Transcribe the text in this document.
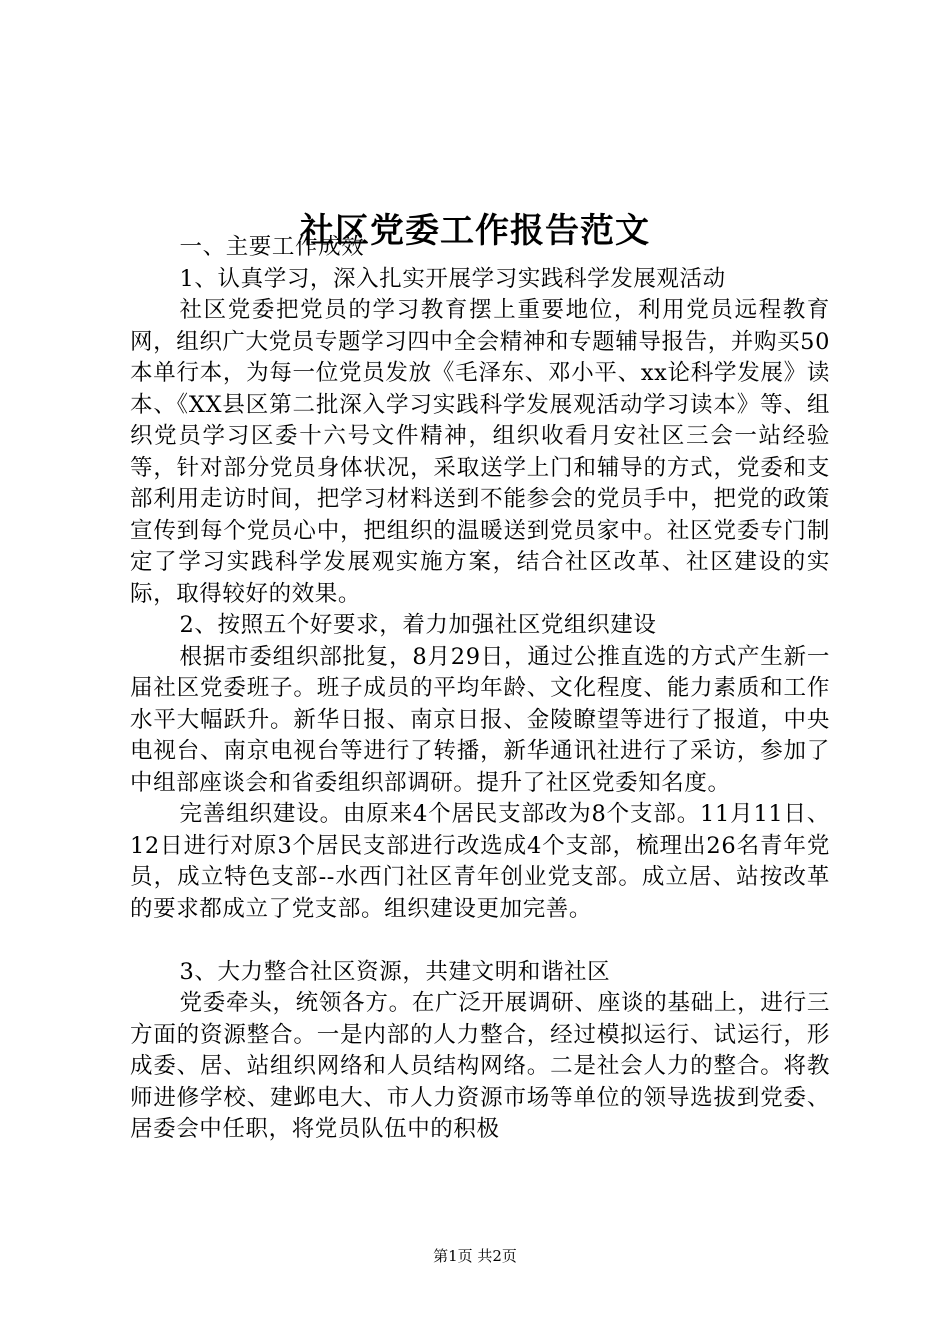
社区党委工作报告范文

一、主要工作成效

1、认真学习，深入扎实开展学习实践科学发展观活动

社区党委把党员的学习教育摆上重要地位，利用党员远程教育网，组织广大党员专题学习四中全会精神和专题辅导报告，并购买50本单行本，为每一位党员发放《毛泽东、邓小平、xx论科学发展》读本、《XX县区第二批深入学习实践科学发展观活动学习读本》等、组织党员学习区委十六号文件精神，组织收看月安社区三会一站经验等，针对部分党员身体状况，采取送学上门和辅导的方式，党委和支部利用走访时间，把学习材料送到不能参会的党员手中，把党的政策宣传到每个党员心中，把组织的温暖送到党员家中。社区党委专门制定了学习实践科学发展观实施方案，结合社区改革、社区建设的实际，取得较好的效果。

2、按照五个好要求，着力加强社区党组织建设

根据市委组织部批复，8月29日，通过公推直选的方式产生新一届社区党委班子。班子成员的平均年龄、文化程度、能力素质和工作水平大幅跃升。新华日报、南京日报、金陵瞭望等进行了报道，中央电视台、南京电视台等进行了转播，新华通讯社进行了采访，参加了中组部座谈会和省委组织部调研。提升了社区党委知名度。

完善组织建设。由原来4个居民支部改为8个支部。11月11日、12日进行对原3个居民支部进行改选成4个支部，梳理出26名青年党员，成立特色支部--水西门社区青年创业党支部。成立居、站按改革的要求都成立了党支部。组织建设更加完善。

3、大力整合社区资源，共建文明和谐社区

党委牵头，统领各方。在广泛开展调研、座谈的基础上，进行三方面的资源整合。一是内部的人力整合，经过模拟运行、试运行，形成委、居、站组织网络和人员结构网络。二是社会人力的整合。将教师进修学校、建邺电大、市人力资源市场等单位的领导选拔到党委、居委会中任职，将党员队伍中的积极

第1页 共2页
